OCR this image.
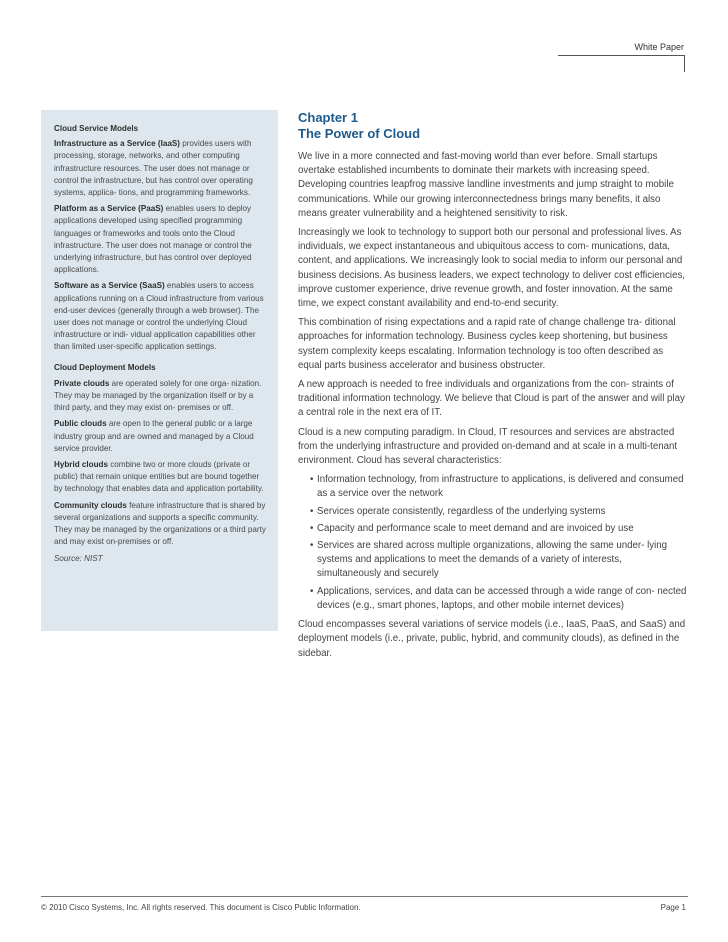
White Paper

Cloud Service Models

Infrastructure as a Service (IaaS) provides users with processing, storage, networks, and other computing infrastructure resources. The user does not manage or control the infrastructure, but has control over operating systems, applica- tions, and programming frameworks.

Platform as a Service (PaaS) enables users to deploy applications developed using specified programming languages or frameworks and tools onto the Cloud infrastructure. The user does not manage or control the underlying infrastructure, but has control over deployed applications.

Software as a Service (SaaS) enables users to access applications running on a Cloud infrastructure from various end-user devices (generally through a web browser). The user does not manage or control the underlying Cloud infrastructure or indi- vidual application capabilities other than limited user-specific application settings.

Cloud Deployment Models

Private clouds are operated solely for one orga- nization. They may be managed by the organization itself or by a third party, and they may exist on- premises or off.

Public clouds are open to the general public or a large industry group and are owned and managed by a Cloud service provider.

Hybrid clouds combine two or more clouds (private or public) that remain unique entities but are bound together by technology that enables data and application portability.

Community clouds feature infrastructure that is shared by several organizations and supports a specific community. They may be managed by the organizations or a third party and may exist on-premises or off.

Source: NIST

Chapter 1
The Power of Cloud

We live in a more connected and fast-moving world than ever before. Small startups overtake established incumbents to dominate their markets with increasing speed. Developing countries leapfrog massive landline investments and jump straight to mobile communications. While our growing interconnectedness brings many benefits, it also means greater vulnerability and a heightened sensitivity to risk.

Increasingly we look to technology to support both our personal and professional lives. As individuals, we expect instantaneous and ubiquitous access to com- munications, data, content, and applications. We increasingly look to social media to inform our personal and business decisions. As business leaders, we expect technology to deliver cost efficiencies, improve customer experience, drive revenue growth, and foster innovation. At the same time, we expect constant availability and end-to-end security.

This combination of rising expectations and a rapid rate of change challenge tra- ditional approaches for information technology. Business cycles keep shortening, but business system complexity keeps escalating. Information technology is too often described as equal parts business accelerator and business obstructer.

A new approach is needed to free individuals and organizations from the con- straints of traditional information technology. We believe that Cloud is part of the answer and will play a central role in the next era of IT.

Cloud is a new computing paradigm. In Cloud, IT resources and services are abstracted from the underlying infrastructure and provided on-demand and at scale in a multi-tenant environment. Cloud has several characteristics:

• Information technology, from infrastructure to applications, is delivered and consumed as a service over the network
• Services operate consistently, regardless of the underlying systems
• Capacity and performance scale to meet demand and are invoiced by use
• Services are shared across multiple organizations, allowing the same under- lying systems and applications to meet the demands of a variety of interests, simultaneously and securely
• Applications, services, and data can be accessed through a wide range of con- nected devices (e.g., smart phones, laptops, and other mobile internet devices)

Cloud encompasses several variations of service models (i.e., IaaS, PaaS, and SaaS) and deployment models (i.e., private, public, hybrid, and community clouds), as defined in the sidebar.

© 2010 Cisco Systems, Inc. All rights reserved. This document is Cisco Public Information.	Page 1
